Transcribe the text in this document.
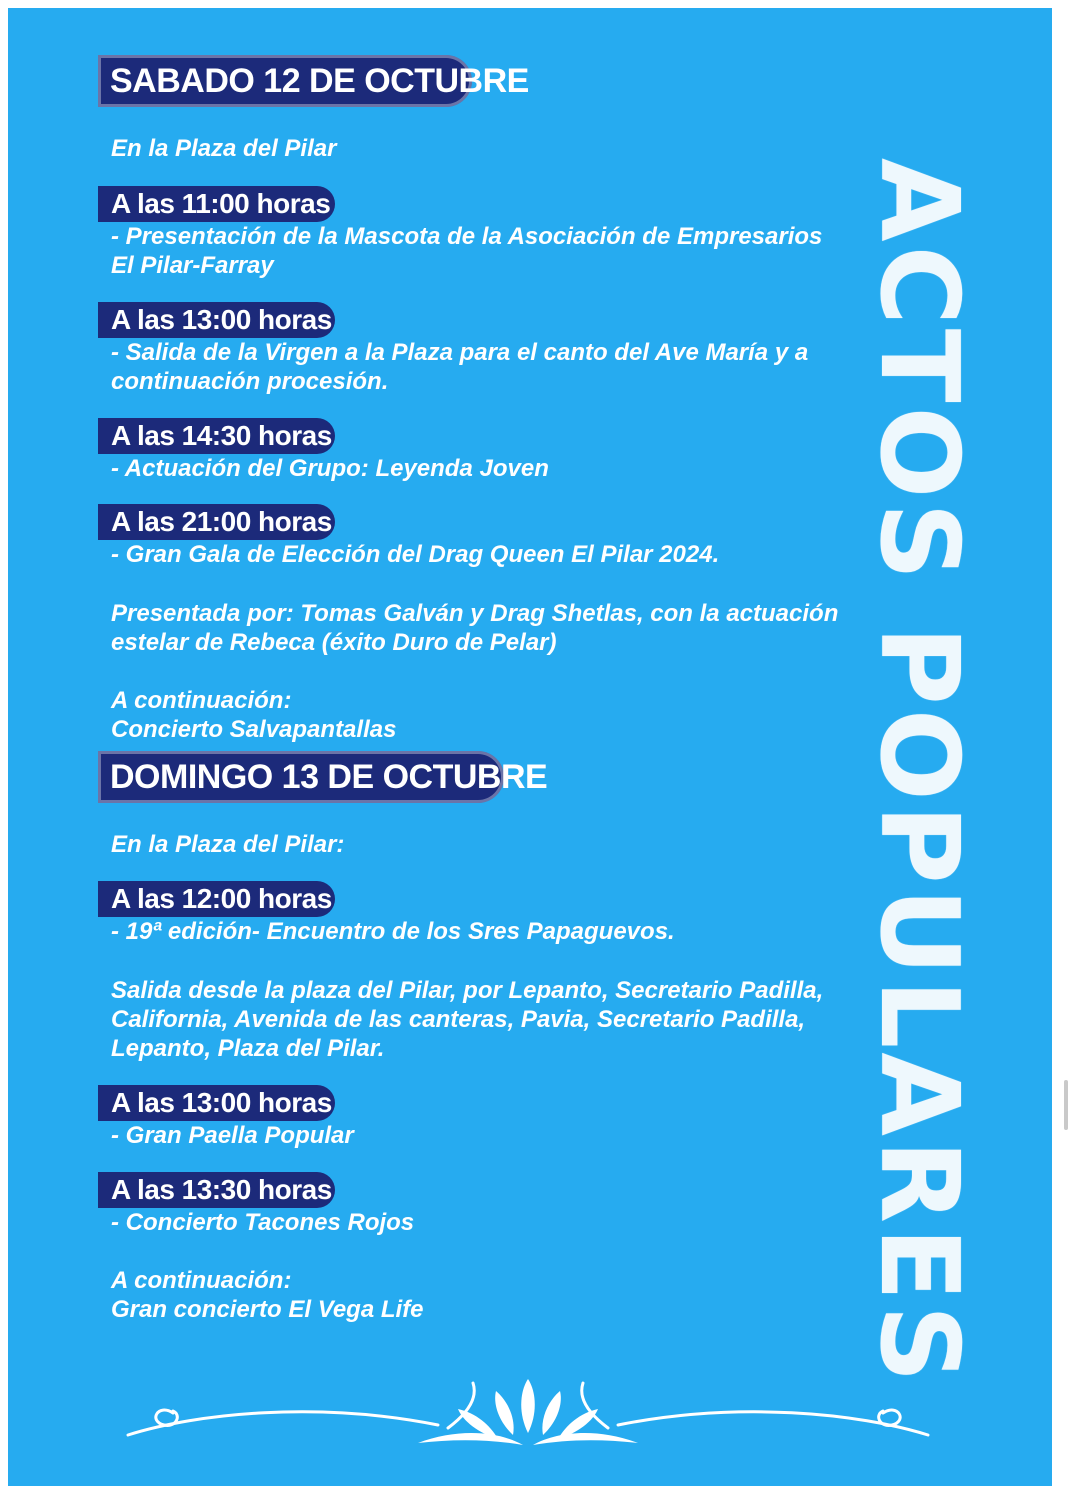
SABADO 12 DE OCTUBRE
En la Plaza del Pilar
A las 11:00 horas
- Presentación de la Mascota de la Asociación de Empresarios
El Pilar-Farray
A las 13:00 horas
- Salida de la Virgen a la Plaza para el canto del Ave María y a
continuación procesión.
A las 14:30 horas
- Actuación del Grupo: Leyenda Joven
A las 21:00 horas
- Gran Gala de Elección del Drag Queen El Pilar 2024.
Presentada por: Tomas Galván y Drag Shetlas, con la actuación
estelar de Rebeca (éxito Duro de Pelar)
A continuación:
Concierto Salvapantallas
DOMINGO 13 DE OCTUBRE
En la Plaza del Pilar:
A las 12:00 horas
- 19ª edición- Encuentro de los Sres Papaguevos.
Salida desde la plaza del Pilar, por Lepanto, Secretario Padilla,
California, Avenida de las canteras, Pavia, Secretario Padilla,
Lepanto, Plaza del Pilar.
A las 13:00 horas
- Gran Paella Popular
A las 13:30 horas
- Concierto Tacones Rojos
A continuación:
Gran concierto El Vega Life	ACTOS POPULARES
